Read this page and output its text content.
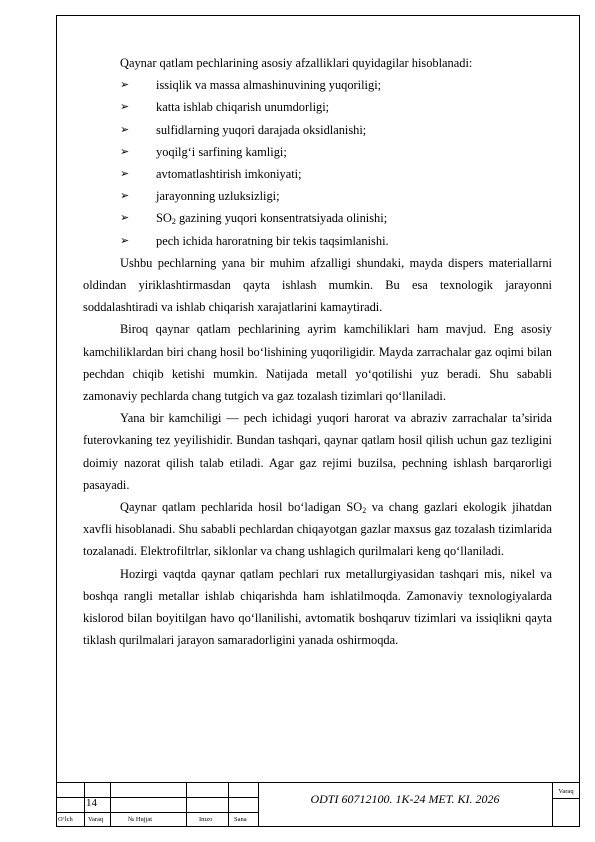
Qaynar qatlam pechlarining asosiy afzalliklari quyidagilar hisoblanadi:

➢ issiqlik va massa almashinuvining yuqoriligi;
➢ katta ishlab chiqarish unumdorligi;
➢ sulfidlarning yuqori darajada oksidlanishi;
➢ yoqilg‘i sarfining kamligi;
➢ avtomatlashtirish imkoniyati;
➢ jarayonning uzluksizligi;
➢ $SO_2$ gazining yuqori konsentratsiyada olinishi;
➢ pech ichida haroratning bir tekis taqsimlanishi.

Ushbu pechlarning yana bir muhim afzalligi shundaki, mayda dispers materiallarni oldindan yiriklashtirmasdan qayta ishlash mumkin. Bu esa texnologik jarayonni soddalashtiradi va ishlab chiqarish xarajatlarini kamaytiradi.

Biroq qaynar qatlam pechlarining ayrim kamchiliklari ham mavjud. Eng asosiy kamchiliklardan biri chang hosil bo‘lishining yuqoriligidir. Mayda zarrachalar gaz oqimi bilan pechdan chiqib ketishi mumkin. Natijada metall yo‘qotilishi yuz beradi. Shu sababli zamonaviy pechlarda chang tutgich va gaz tozalash tizimlari qo‘llaniladi.

Yana bir kamchiligi — pech ichidagi yuqori harorat va abraziv zarrachalar ta’sirida futerovkaning tez yeyilishidir. Bundan tashqari, qaynar qatlam hosil qilish uchun gaz tezligini doimiy nazorat qilish talab etiladi. Agar gaz rejimi buzilsa, pechning ishlash barqarorligi pasayadi.

Qaynar qatlam pechlarida hosil bo‘ladigan $SO_2$ va chang gazlari ekologik jihatdan xavfli hisoblanadi. Shu sababli pechlardan chiqayotgan gazlar maxsus gaz tozalash tizimlarida tozalanadi. Elektrofiltrlar, siklonlar va chang ushlagich qurilmalari keng qo‘llaniladi.

Hozirgi vaqtda qaynar qatlam pechlari rux metallurgiyasidan tashqari mis, nikel va boshqa rangli metallar ishlab chiqarishda ham ishlatilmoqda. Zamonaviy texnologiyalarda kislorod bilan boyitilgan havo qo‘llanilishi, avtomatik boshqaruv tizimlari va issiqlikni qayta tiklash qurilmalari jarayon samaradorligini yanada oshirmoqda.

14	ODTI 60712100. 1K-24 MET. KI. 2026
Varaq
O‘lch Varaq	№ Hujjat	Imzo	Sana
